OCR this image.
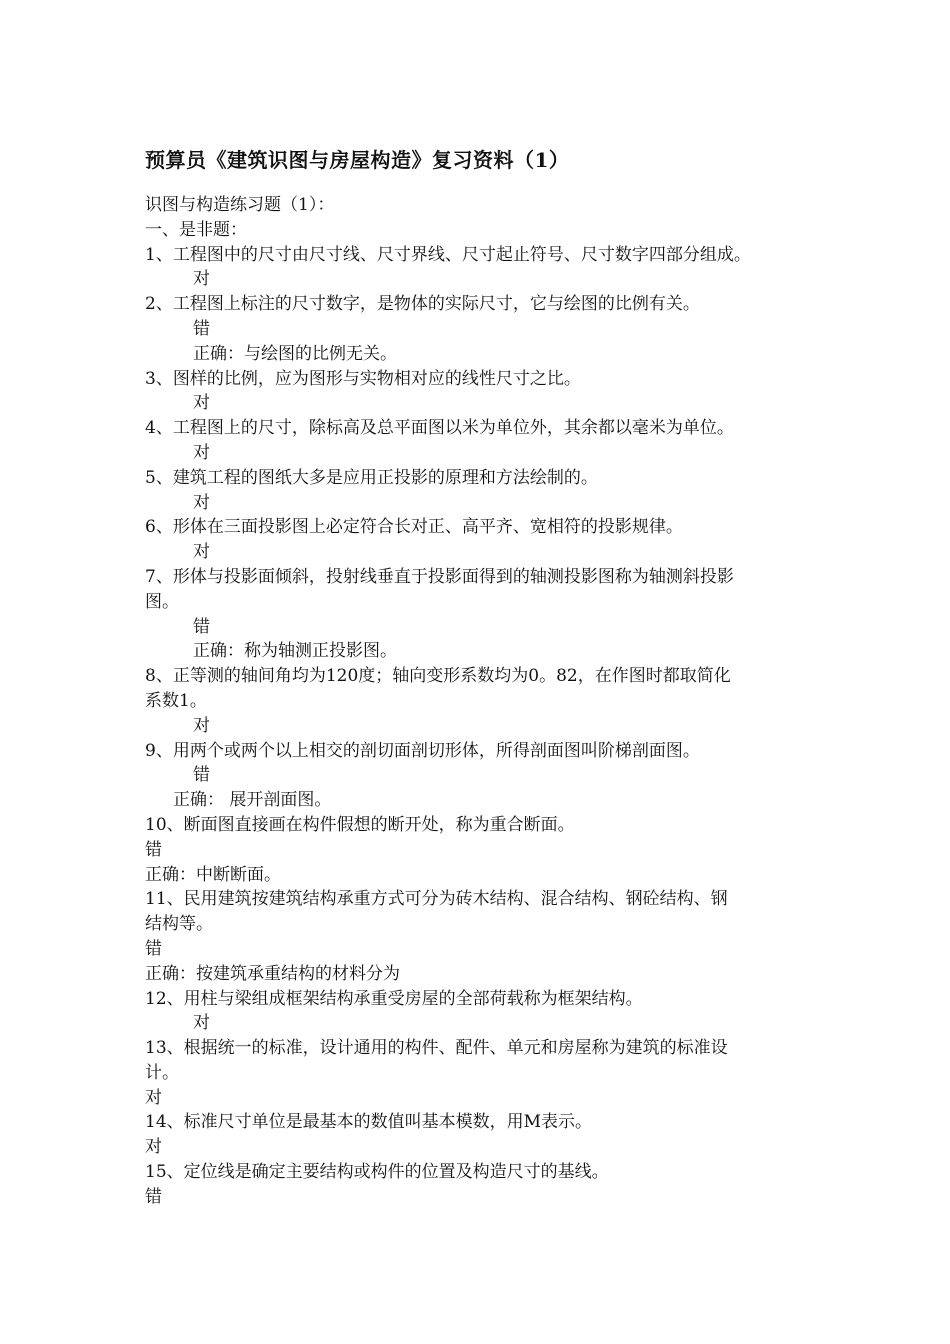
预算员《建筑识图与房屋构造》复习资料（1）
识图与构造练习题（1）：
一、是非题：
1、工程图中的尺寸由尺寸线、尺寸界线、尺寸起止符号、尺寸数字四部分组成。
对
2、工程图上标注的尺寸数字，是物体的实际尺寸，它与绘图的比例有关。
错
正确：与绘图的比例无关。
3、图样的比例，应为图形与实物相对应的线性尺寸之比。
对
4、工程图上的尺寸，除标高及总平面图以米为单位外，其余都以毫米为单位。
对
5、建筑工程的图纸大多是应用正投影的原理和方法绘制的。
对
6、形体在三面投影图上必定符合长对正、高平齐、宽相符的投影规律。
对
7、形体与投影面倾斜，投射线垂直于投影面得到的轴测投影图称为轴测斜投影
图。
错
正确：称为轴测正投影图。
8、正等测的轴间角均为120度；轴向变形系数均为0。82，在作图时都取简化
系数1。
对
9、用两个或两个以上相交的剖切面剖切形体，所得剖面图叫阶梯剖面图。
错
正确： 展开剖面图。
10、断面图直接画在构件假想的断开处，称为重合断面。
错
正确：中断断面。
11、民用建筑按建筑结构承重方式可分为砖木结构、混合结构、钢砼结构、钢
结构等。
错
正确：按建筑承重结构的材料分为
12、用柱与梁组成框架结构承重受房屋的全部荷载称为框架结构。
对
13、根据统一的标准，设计通用的构件、配件、单元和房屋称为建筑的标准设
计。
对
14、标准尺寸单位是最基本的数值叫基本模数，用M表示。
对
15、定位线是确定主要结构或构件的位置及构造尺寸的基线。
错
